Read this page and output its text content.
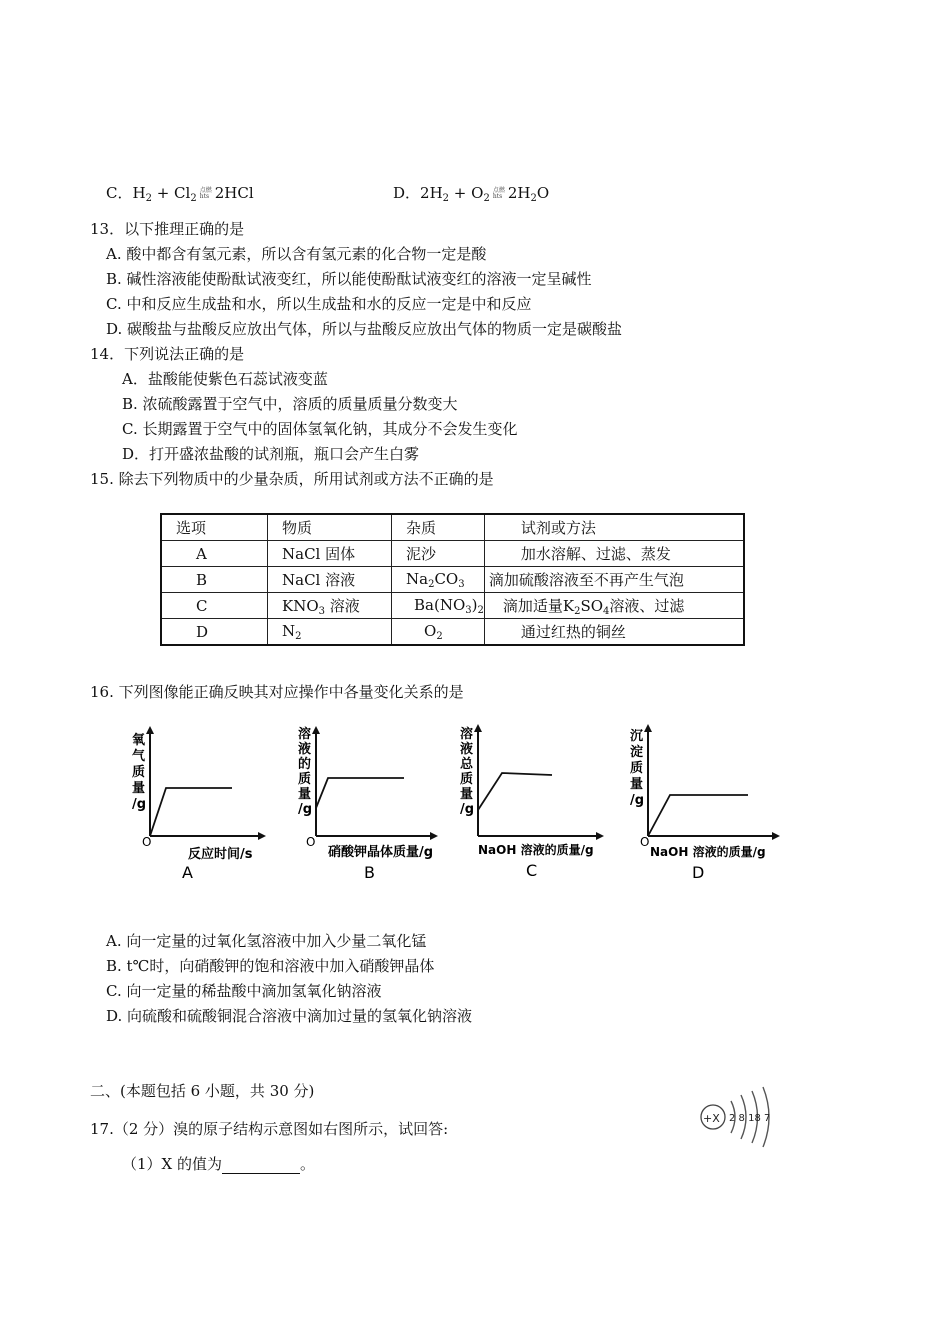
C．$H_2 + Cl_2$点燃
hts 2HCl	D．$2H_2 + O_2$点燃
hts $2H_2O$
13．以下推理正确的是
A. 酸中都含有氢元素，所以含有氢元素的化合物一定是酸
B. 碱性溶液能使酚酞试液变红，所以能使酚酞试液变红的溶液一定呈碱性
C. 中和反应生成盐和水，所以生成盐和水的反应一定是中和反应
D. 碳酸盐与盐酸反应放出气体，所以与盐酸反应放出气体的物质一定是碳酸盐
14．下列说法正确的是
A．盐酸能使紫色石蕊试液变蓝
B. 浓硫酸露置于空气中，溶质的质量质量分数变大
C. 长期露置于空气中的固体氢氧化钠，其成分不会发生变化
D．打开盛浓盐酸的试剂瓶，瓶口会产生白雾
15. 除去下列物质中的少量杂质，所用试剂或方法不正确的是
选项	物质	杂质	试剂或方法
A	NaCl 固体	泥沙	加水溶解、过滤、蒸发
B	NaCl 溶液	$Na_2CO_3$	滴加硫酸溶液至不再产生气泡
C	$KNO_3$ 溶液	$Ba(NO_3)_2$	滴加适量$K_2SO_4$溶液、过滤
D	$N_2$	$O_2$	通过红热的铜丝
16. 下列图像能正确反映其对应操作中各量变化关系的是
氧 气 质 量 /g
O
反应时间/s
A
溶 液 的 质 量 /g
O
硝酸钾晶体质量/g
B
溶 液 总 质 量 /g
NaOH 溶液的质量/g
C
沉 淀 质 量 /g
O
NaOH 溶液的质量/g
D
A. 向一定量的过氧化氢溶液中加入少量二氧化锰
B. t℃时，向硝酸钾的饱和溶液中加入硝酸钾晶体
C. 向一定量的稀盐酸中滴加氢氧化钠溶液
D. 向硫酸和硫酸铜混合溶液中滴加过量的氢氧化钠溶液
二、(本题包括 6 小题，共 30 分)
17.（2 分）溴的原子结构示意图如右图所示，试回答:
（1）X 的值为	。
+X 2 8 18 7
